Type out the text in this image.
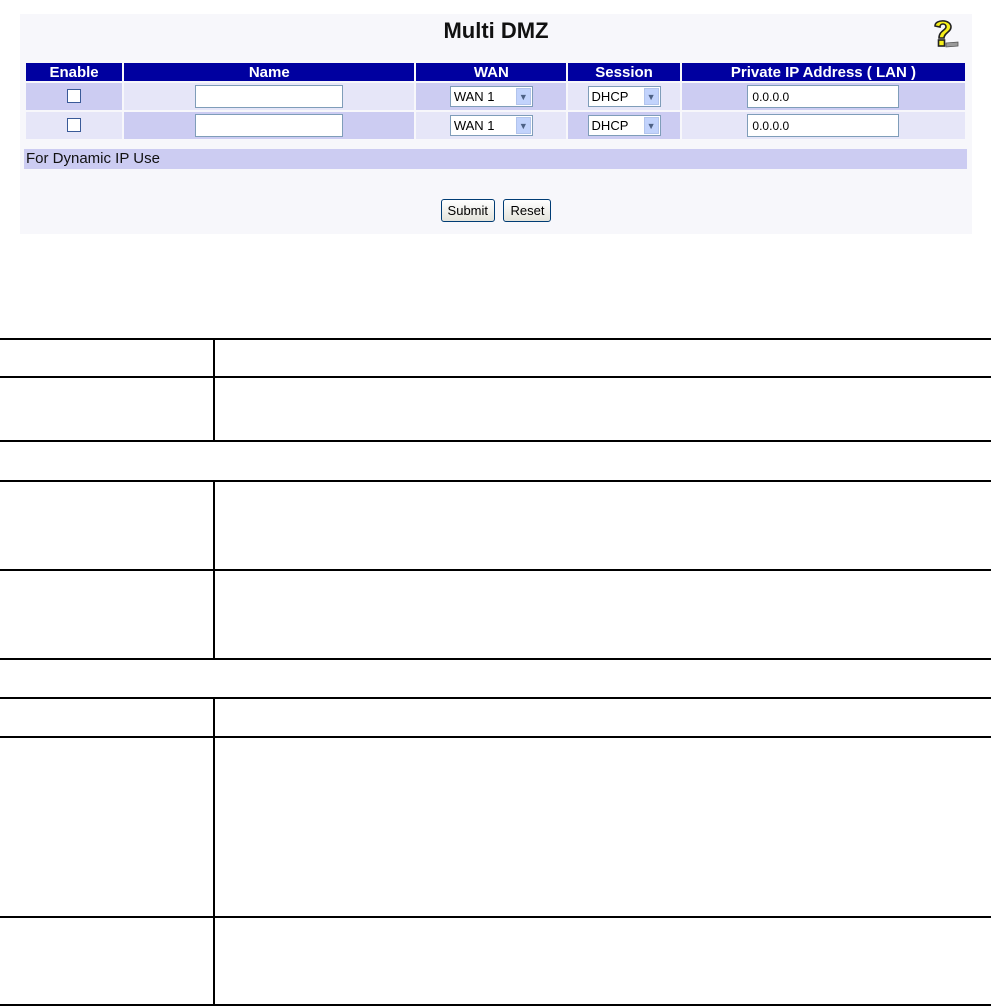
Multi DMZ
Enable	Name	WAN	Session	Private IP Address ( LAN )
		WAN 1 ▼	DHCP ▼	0.0.0.0
		WAN 1 ▼	DHCP ▼	0.0.0.0
For Dynamic IP Use
Submit Reset
